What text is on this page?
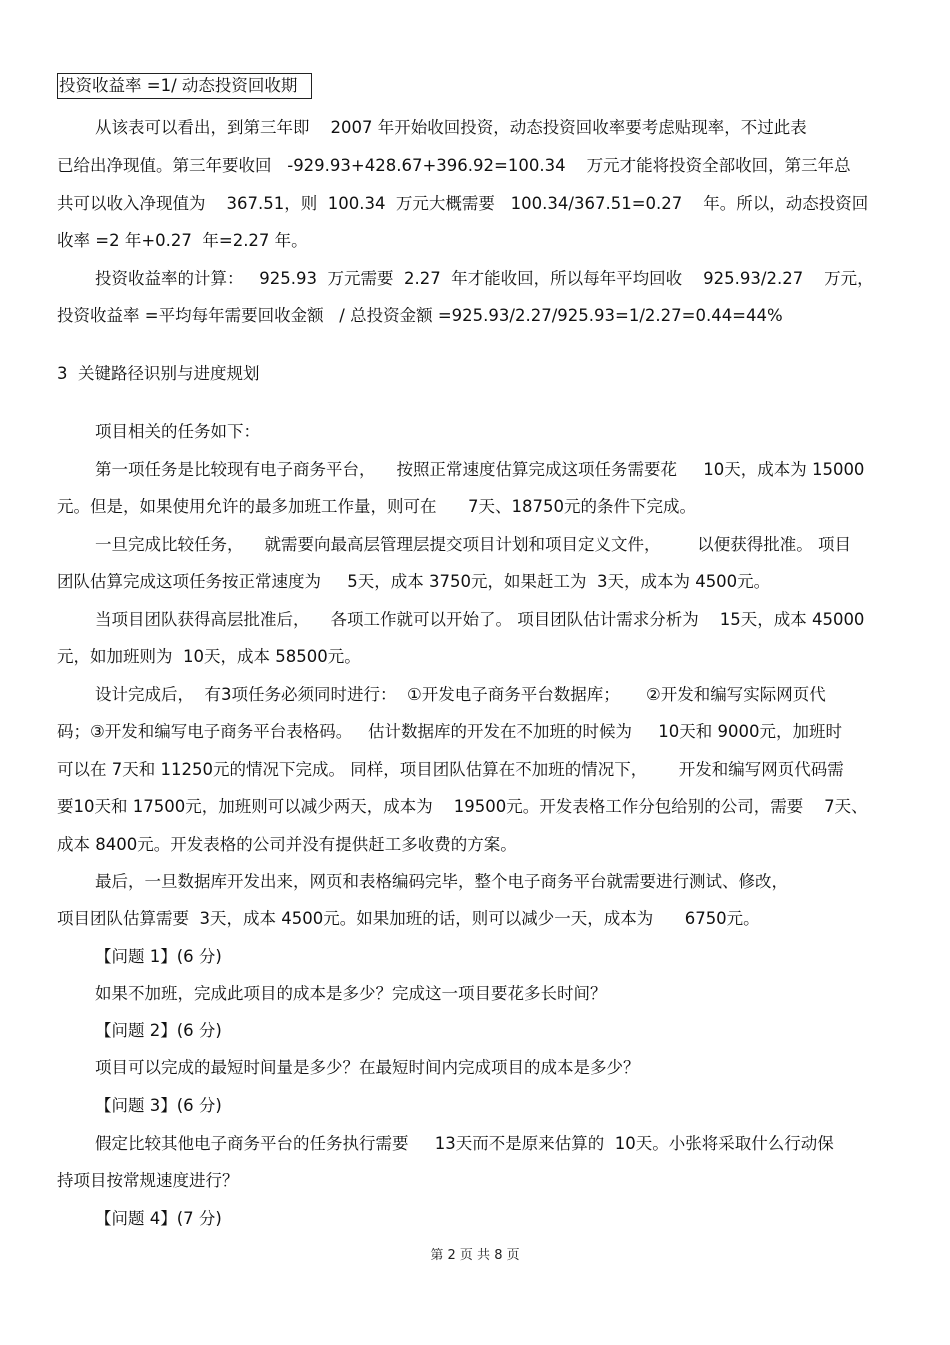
投资收益率 =1/ 动态投资回收期
从该表可以看出，到第三年即    2007 年开始收回投资，动态投资回收率要考虑贴现率，不过此表
已给出净现值。第三年要收回   -929.93+428.67+396.92=100.34    万元才能将投资全部收回，第三年总
共可以收入净现值为    367.51，则  100.34  万元大概需要   100.34/367.51=0.27    年。所以，动态投资回
收率 =2 年+0.27  年=2.27 年。
投资收益率的计算：   925.93  万元需要  2.27  年才能收回，所以每年平均回收    925.93/2.27    万元，
投资收益率 =平均每年需要回收金额   / 总投资金额 =925.93/2.27/925.93=1/2.27=0.44=44%
3  关键路径识别与进度规划
项目相关的任务如下：
第一项任务是比较现有电子商务平台，    按照正常速度估算完成这项任务需要花     10天，成本为 15000
元。但是，如果使用允许的最多加班工作量，则可在      7天、18750元的条件下完成。
一旦完成比较任务，    就需要向最高层管理层提交项目计划和项目定义文件，       以便获得批准。 项目
团队估算完成这项任务按正常速度为     5天，成本 3750元，如果赶工为  3天，成本为 4500元。
当项目团队获得高层批准后，    各项工作就可以开始了。 项目团队估计需求分析为    15天，成本 45000
元，如加班则为  10天，成本 58500元。
设计完成后，  有3项任务必须同时进行：  ①开发电子商务平台数据库；     ②开发和编写实际网页代
码；③开发和编写电子商务平台表格码。   估计数据库的开发在不加班的时候为     10天和 9000元，加班时
可以在 7天和 11250元的情况下完成。 同样，项目团队估算在不加班的情况下，      开发和编写网页代码需
要10天和 17500元，加班则可以减少两天，成本为    19500元。开发表格工作分包给别的公司，需要    7天、
成本 8400元。开发表格的公司并没有提供赶工多收费的方案。
最后，一旦数据库开发出来，网页和表格编码完毕，整个电子商务平台就需要进行测试、修改，
项目团队估算需要  3天，成本 4500元。如果加班的话，则可以减少一天，成本为      6750元。
【问题 1】(6 分)
如果不加班，完成此项目的成本是多少？完成这一项目要花多长时间？
【问题 2】(6 分)
项目可以完成的最短时间量是多少？在最短时间内完成项目的成本是多少？
【问题 3】(6 分)
假定比较其他电子商务平台的任务执行需要     13天而不是原来估算的  10天。小张将采取什么行动保
持项目按常规速度进行？
【问题 4】(7 分)
第 2 页 共 8 页
